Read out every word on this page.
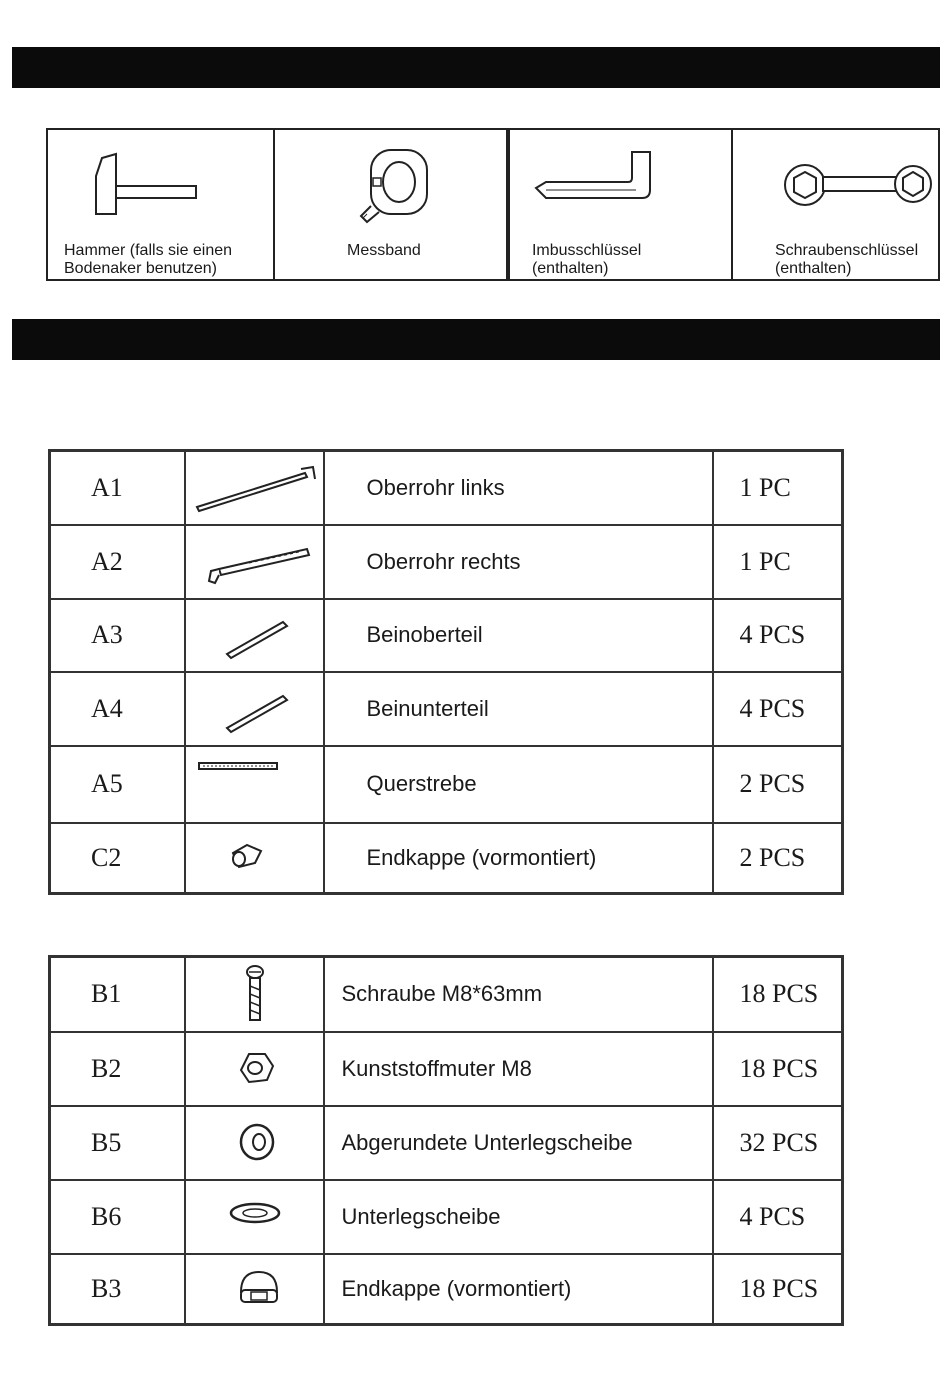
Hammer (falls sie einen Bodenaker benutzen)
Messband	Imbusschlüssel (enthalten)
Schraubenschlüssel (enthalten)
A1		Oberrohr links	1 PC
A2		Oberrohr rechts	1 PC
A3		Beinoberteil	4 PCS
A4		Beinunterteil	4 PCS
A5		Querstrebe	2 PCS
C2		Endkappe (vormontiert)	2 PCS
B1		Schraube M8*63mm	18 PCS
B2		Kunststoffmuter M8	18 PCS
B5		Abgerundete Unterlegscheibe	32 PCS
B6		Unterlegscheibe	4 PCS
B3		Endkappe (vormontiert)	18 PCS
